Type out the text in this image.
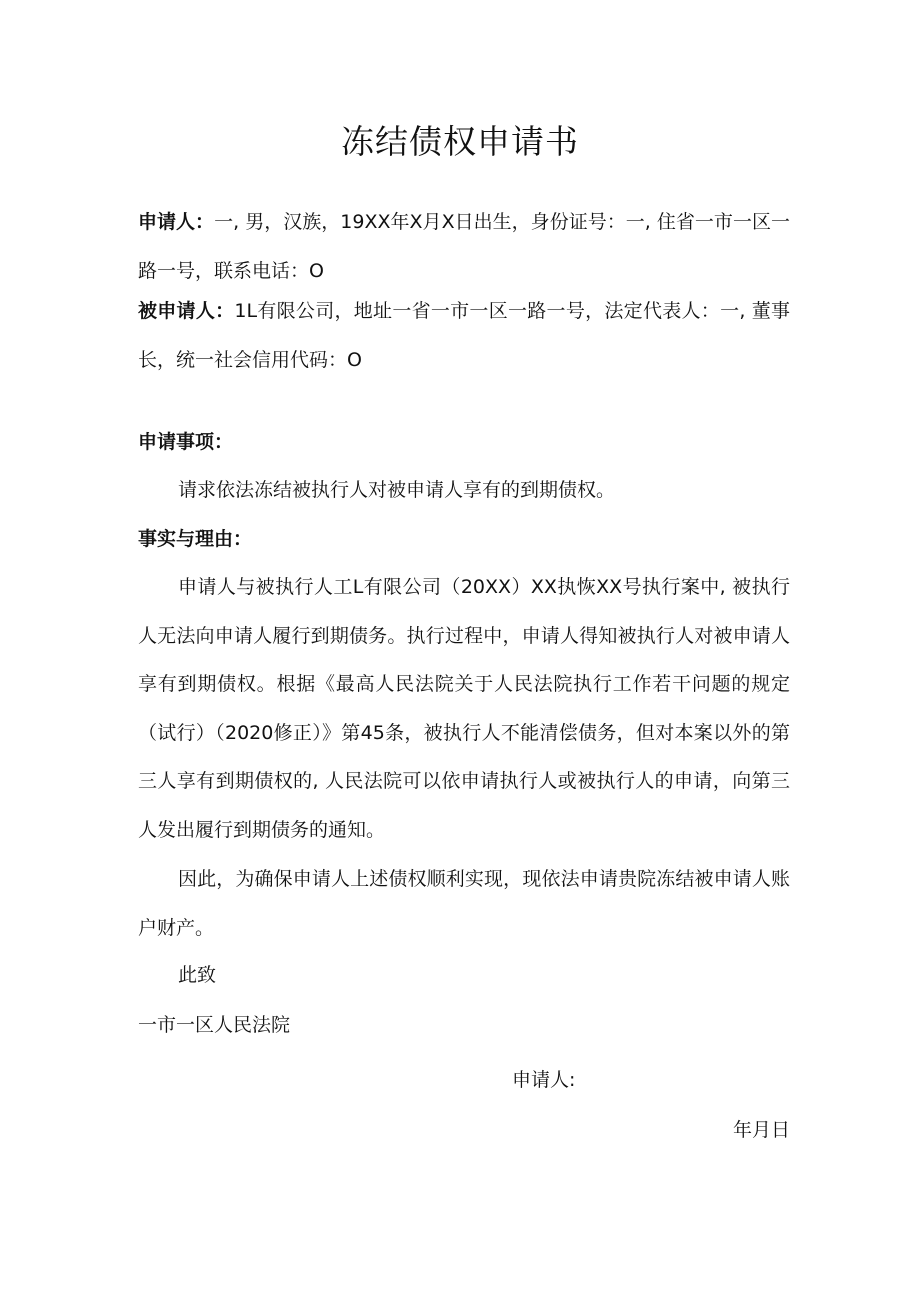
冻结债权申请书

申请人：一, 男，汉族，19XX年X月X日出生，身份证号：一, 住省一市一区一路一号，联系电话：O

被申请人：1L有限公司，地址一省一市一区一路一号，法定代表人：一, 董事长，统一社会信用代码：O

申请事项：

请求依法冻结被执行人对被申请人享有的到期债权。

事实与理由：

申请人与被执行人工L有限公司（20XX）XX执恢XX号执行案中, 被执行人无法向申请人履行到期债务。执行过程中，申请人得知被执行人对被申请人享有到期债权。根据《最高人民法院关于人民法院执行工作若干问题的规定（试行）（2020修正）》第45条，被执行人不能清偿债务，但对本案以外的第三人享有到期债权的, 人民法院可以依申请执行人或被执行人的申请，向第三人发出履行到期债务的通知。

因此，为确保申请人上述债权顺利实现，现依法申请贵院冻结被申请人账户财产。

此致

一市一区人民法院

申请人:

年月日
